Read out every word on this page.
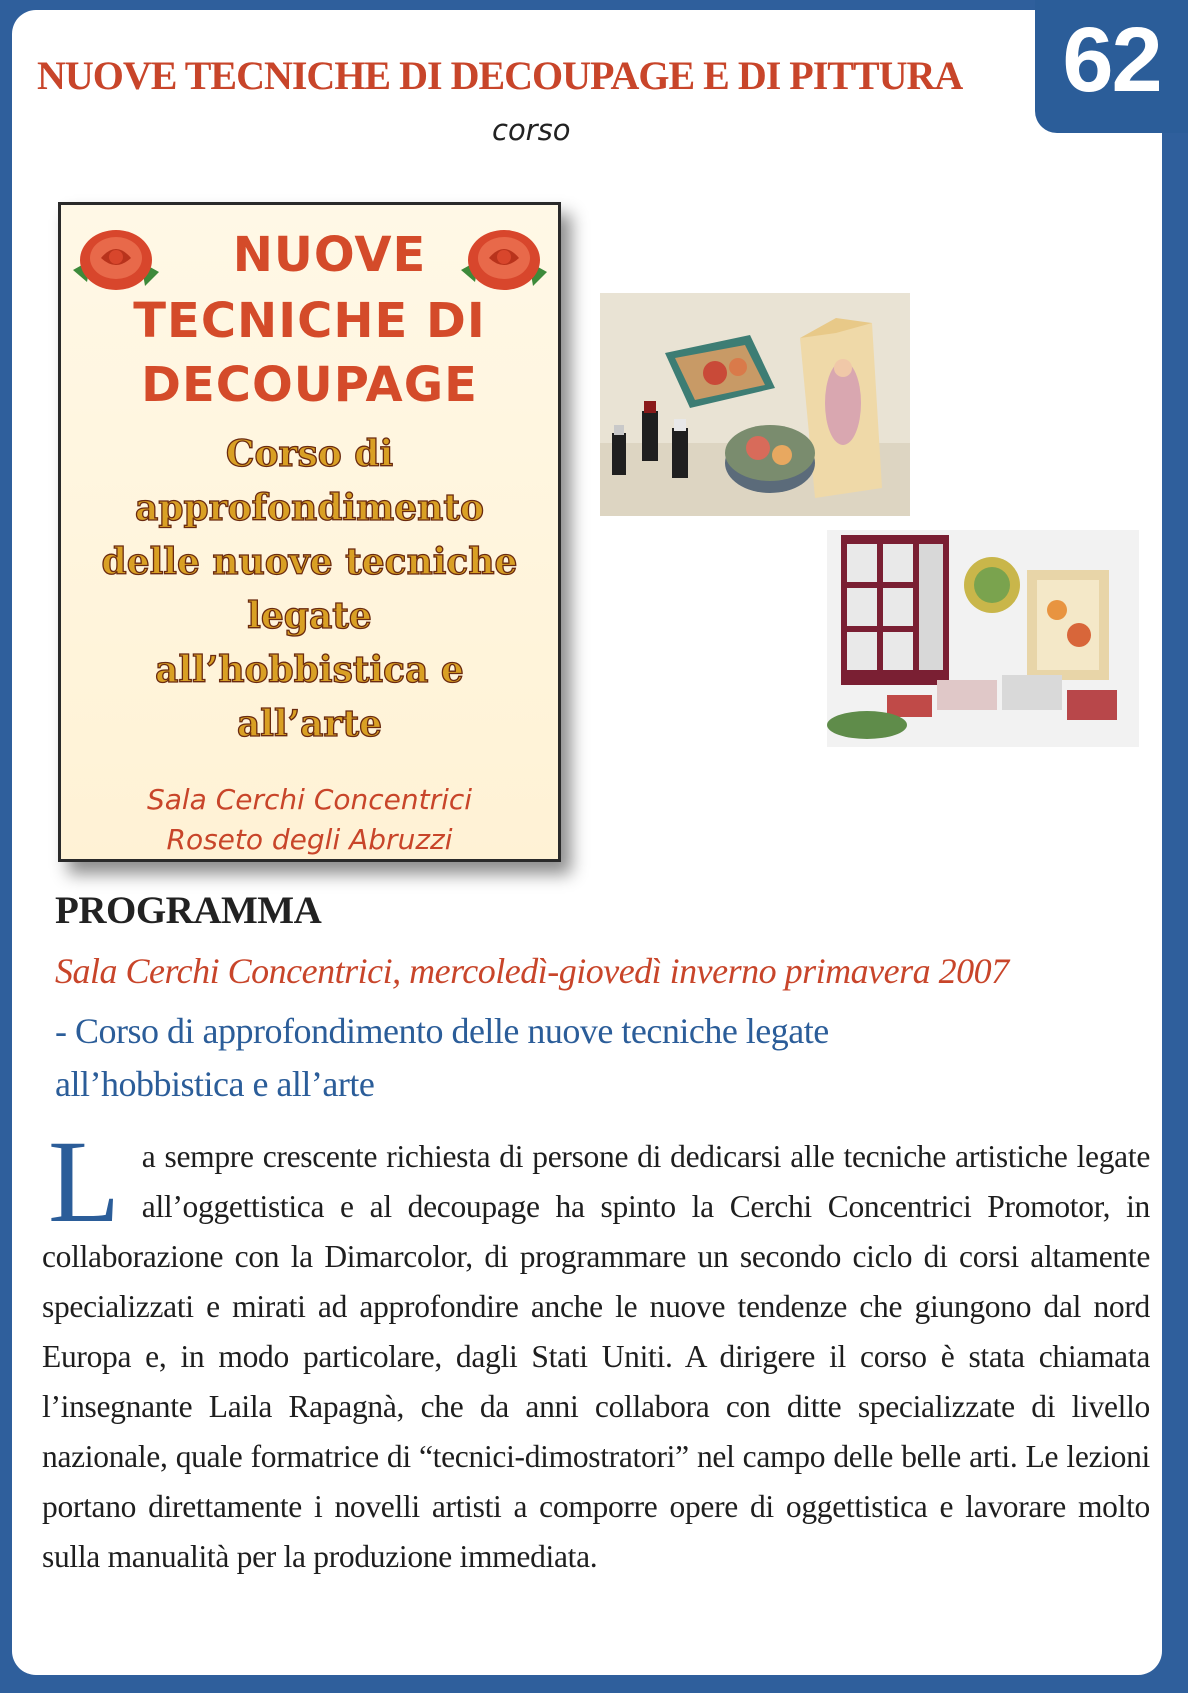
NUOVE TECNICHE DI DECOUPAGE E DI PITTURA
corso
NUOVE
TECNICHE DI
DECOUPAGE
Corso di
approfondimento
delle nuove tecniche
legate
all’hobbistica e
all’arte
Sala Cerchi Concentrici
Roseto degli Abruzzi
PROGRAMMA
Sala Cerchi Concentrici, mercoledì-giovedì inverno primavera 2007
- Corso di approfondimento delle nuove tecniche legate all’hobbistica e all’arte
La sempre crescente richiesta di persone di dedicarsi alle tecniche artistiche legate all’oggettistica e al decoupage ha spinto la Cerchi Concentrici Promotor, in collaborazione con la Dimarcolor, di programmare un secondo ciclo di corsi altamente specializzati e mirati ad approfondire anche le nuove tendenze che giungono dal nord Europa e, in modo particolare, dagli Stati Uniti. A dirigere il corso è stata chiamata l’insegnante Laila Rapagnà, che da anni collabora con ditte specializzate di livello nazionale, quale formatrice di “tecnici-dimostratori” nel campo delle belle arti. Le lezioni portano direttamente i novelli artisti a comporre opere di oggettistica e lavorare molto sulla manualità per la produzione immediata.
62
